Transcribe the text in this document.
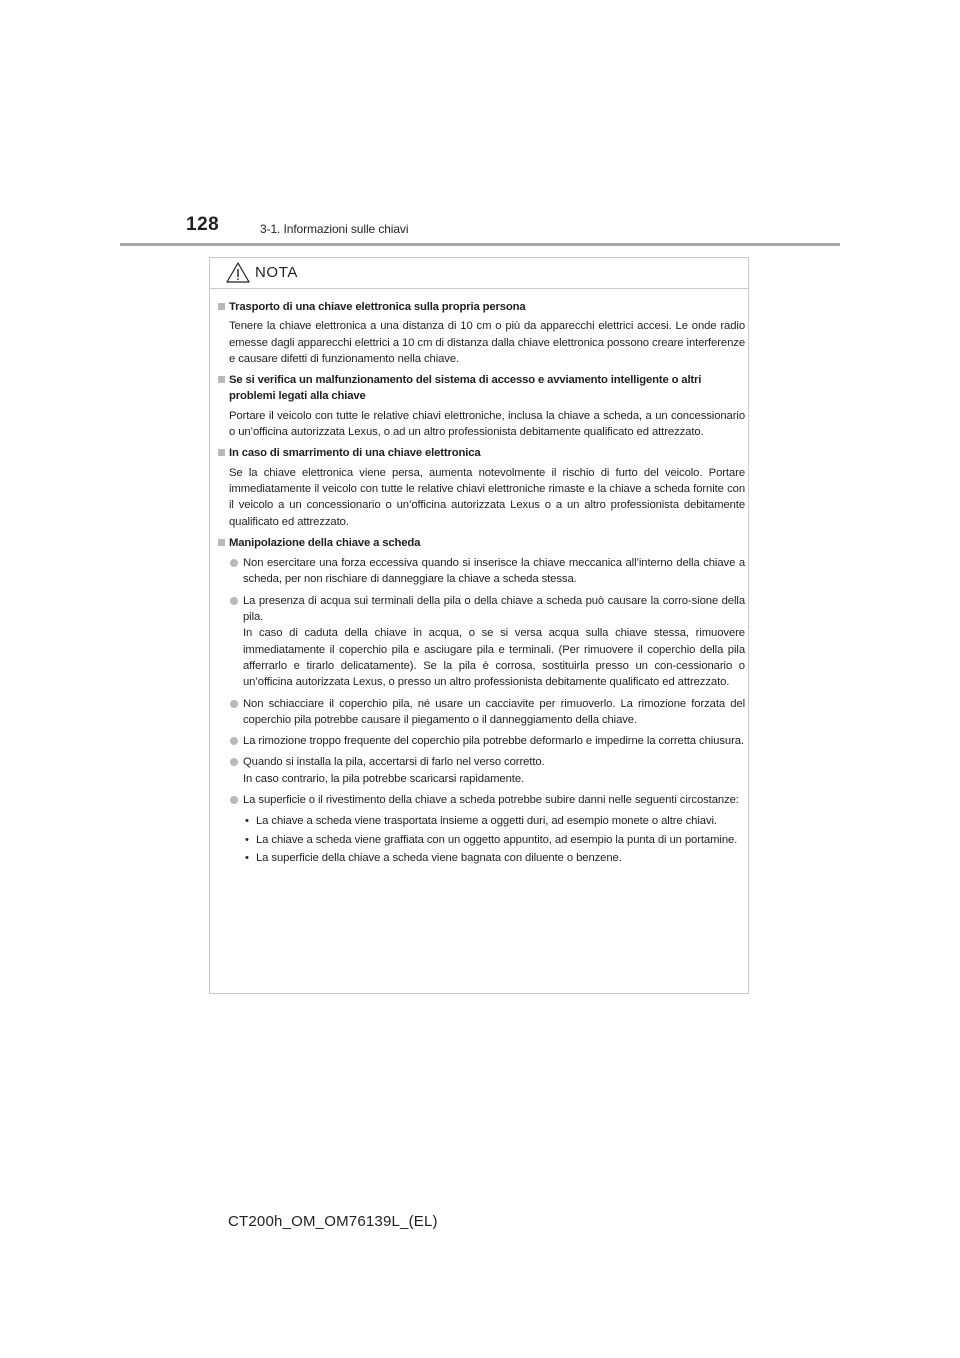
128	3-1. Informazioni sulle chiavi
NOTA
Trasporto di una chiave elettronica sulla propria persona
Tenere la chiave elettronica a una distanza di 10 cm o più da apparecchi elettrici accesi. Le onde radio emesse dagli apparecchi elettrici a 10 cm di distanza dalla chiave elettronica possono creare interferenze e causare difetti di funzionamento nella chiave.
Se si verifica un malfunzionamento del sistema di accesso e avviamento intelligente o altri problemi legati alla chiave
Portare il veicolo con tutte le relative chiavi elettroniche, inclusa la chiave a scheda, a un concessionario o un’officina autorizzata Lexus, o ad un altro professionista debitamente qualificato ed attrezzato.
In caso di smarrimento di una chiave elettronica
Se la chiave elettronica viene persa, aumenta notevolmente il rischio di furto del veicolo. Portare immediatamente il veicolo con tutte le relative chiavi elettroniche rimaste e la chiave a scheda fornite con il veicolo a un concessionario o un’officina autorizzata Lexus o a un altro professionista debitamente qualificato ed attrezzato.
Manipolazione della chiave a scheda
Non esercitare una forza eccessiva quando si inserisce la chiave meccanica all’interno della chiave a scheda, per non rischiare di danneggiare la chiave a scheda stessa.
La presenza di acqua sui terminali della pila o della chiave a scheda può causare la corro-sione della pila.
In caso di caduta della chiave in acqua, o se si versa acqua sulla chiave stessa, rimuovere immediatamente il coperchio pila e asciugare pila e terminali. (Per rimuovere il coperchio della pila afferrarlo e tirarlo delicatamente). Se la pila è corrosa, sostituirla presso un con-cessionario o un’officina autorizzata Lexus, o presso un altro professionista debitamente qualificato ed attrezzato.
Non schiacciare il coperchio pila, né usare un cacciavite per rimuoverlo. La rimozione forzata del coperchio pila potrebbe causare il piegamento o il danneggiamento della chiave.
La rimozione troppo frequente del coperchio pila potrebbe deformarlo e impedirne la corretta chiusura.
Quando si installa la pila, accertarsi di farlo nel verso corretto.
In caso contrario, la pila potrebbe scaricarsi rapidamente.
La superficie o il rivestimento della chiave a scheda potrebbe subire danni nelle seguenti circostanze:
• La chiave a scheda viene trasportata insieme a oggetti duri, ad esempio monete o altre chiavi.
• La chiave a scheda viene graffiata con un oggetto appuntito, ad esempio la punta di un portamine.
• La superficie della chiave a scheda viene bagnata con diluente o benzene.
CT200h_OM_OM76139L_(EL)
